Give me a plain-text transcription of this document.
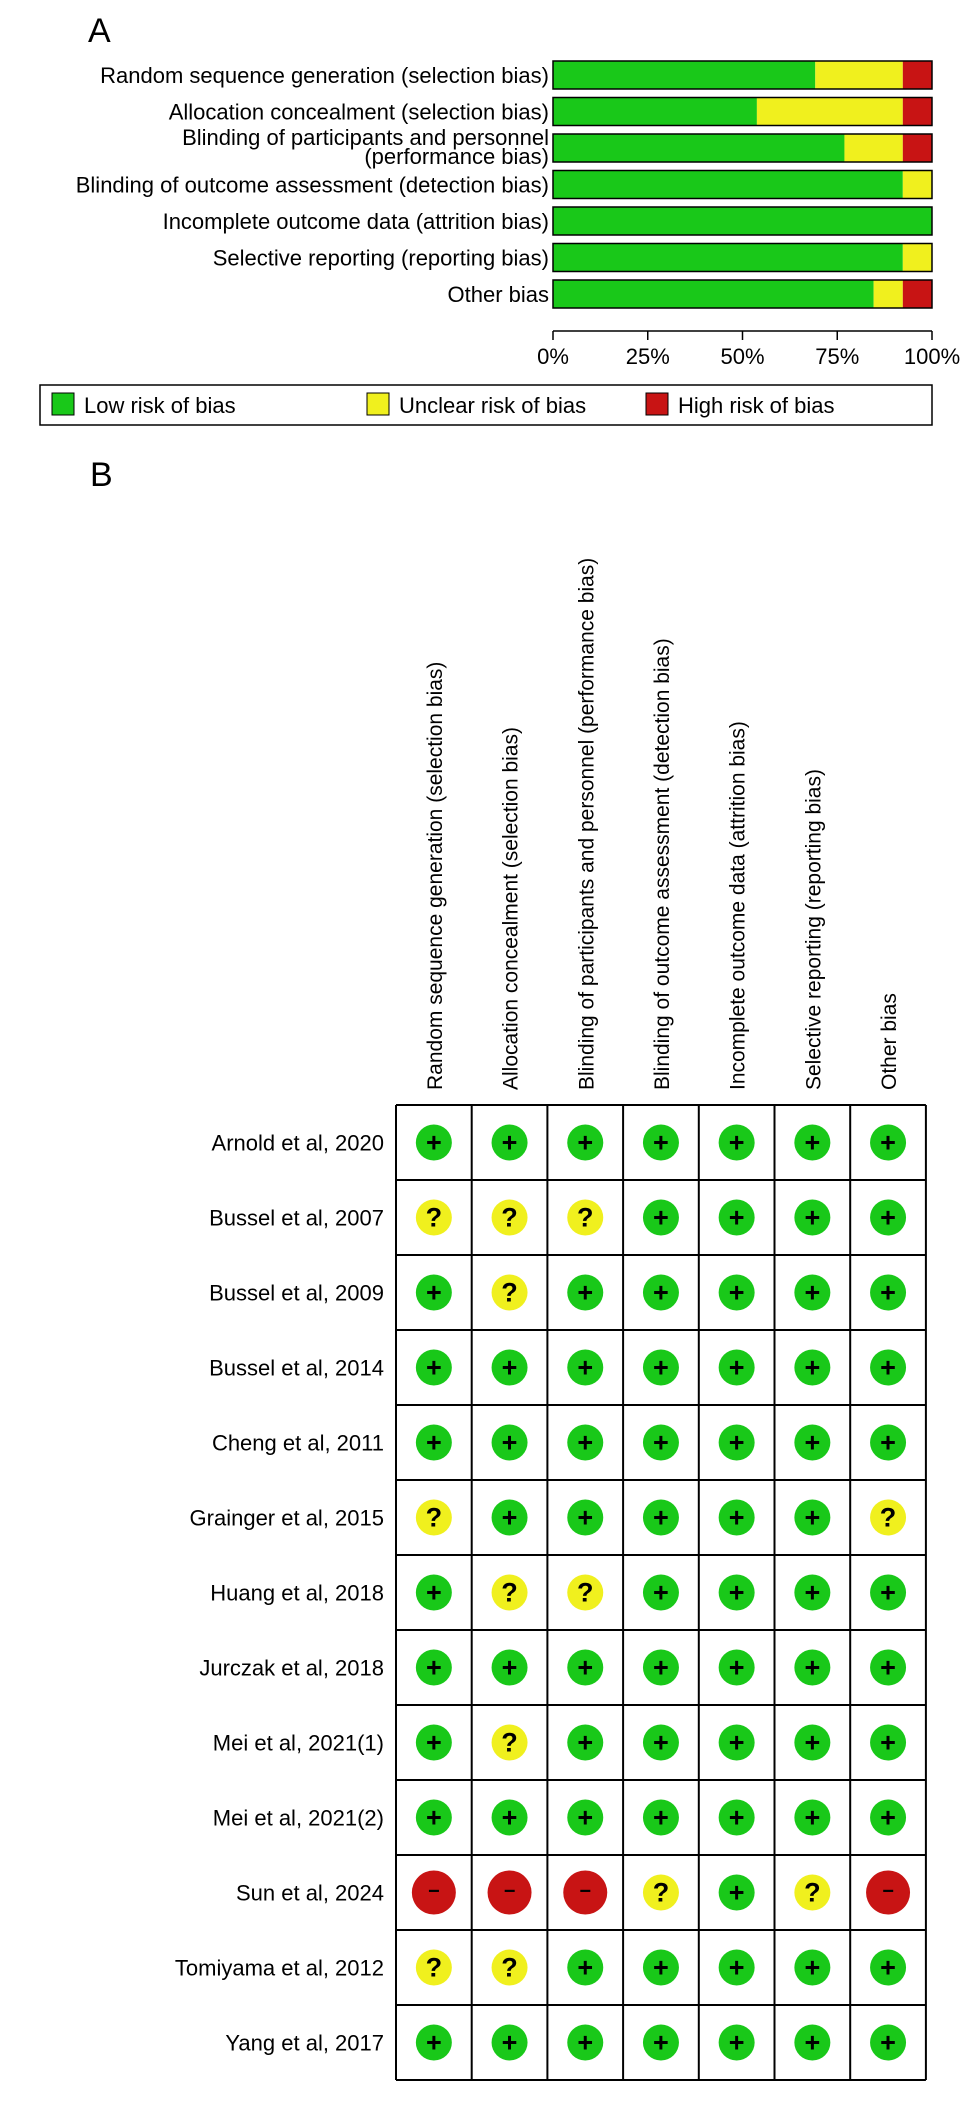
A
Random sequence generation (selection bias)
Allocation concealment (selection bias)
Blinding of participants and personnel
(performance bias)
Blinding of outcome assessment (detection bias)
Incomplete outcome data (attrition bias)
Selective reporting (reporting bias)
Other bias
0%	25% 50% 75% 100%
Low risk of bias	Unclear risk of bias	High risk of bias
B
Random sequence generation (selection bias)	Allocation concealment (selection bias)	Blinding of participants and personnel (performance bias)	Blinding of outcome assessment (detection bias)	Incomplete outcome data (attrition bias)	Selective reporting (reporting bias)	Other bias
Arnold et al, 2020 + + + + + + +
Bussel et al, 2007 ? ? ? + + + +
Bussel et al, 2009 + ? + + + + +
Bussel et al, 2014 + + + + + + +
Cheng et al, 2011 + + + + + + +
Grainger et al, 2015 ? + + + + + ?
Huang et al, 2018 + ? ? + + + +
Jurczak et al, 2018 + + + + + + +
Mei et al, 2021(1) + ? + + + + +
Mei et al, 2021(2) + + + + + + +
Sun et al, 2024 −	−	− ? + ?	−
Tomiyama et al, 2012 ? ? + + + + +
Yang et al, 2017 + + + + + + +
